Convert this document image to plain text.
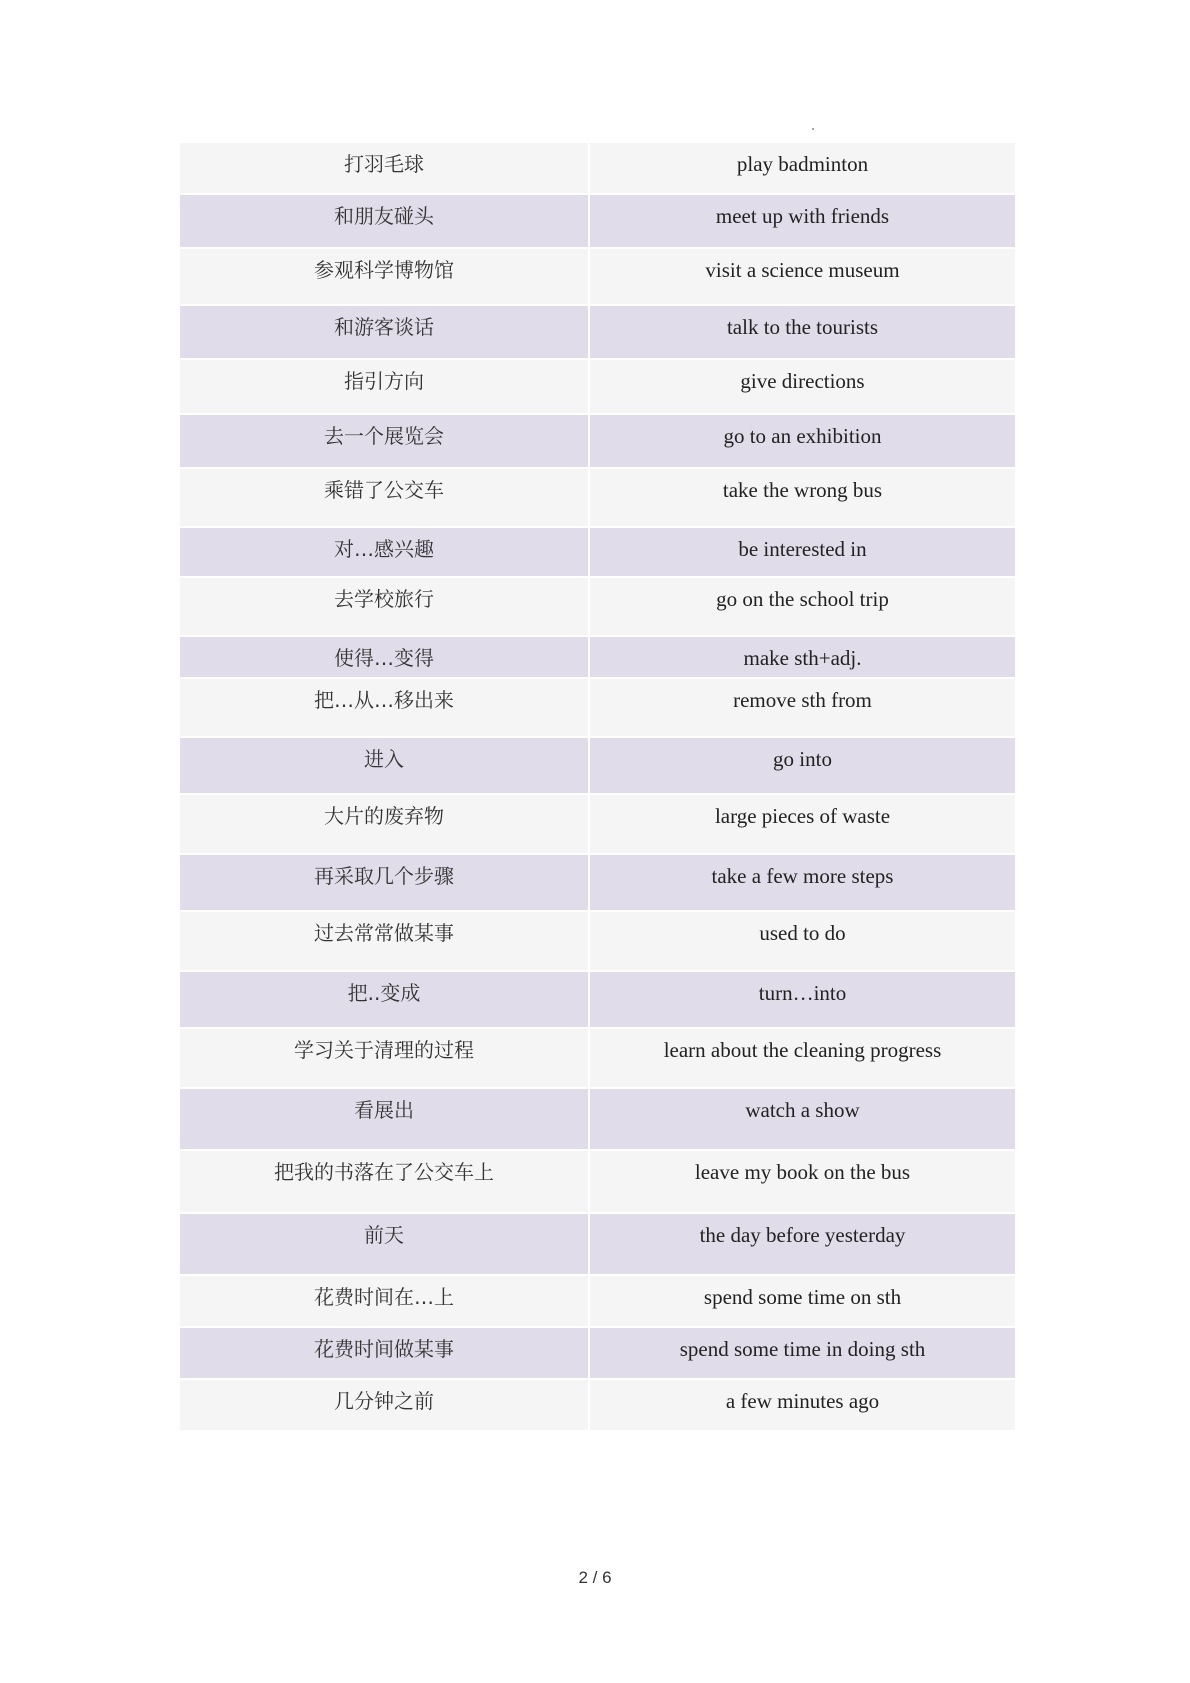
打羽毛球	play badminton
和朋友碰头	meet up with friends
参观科学博物馆	visit a science museum
和游客谈话	talk to the tourists
指引方向	give directions
去一个展览会	go to an exhibition
乘错了公交车	take the wrong bus
对…感兴趣	be interested in
去学校旅行	go on the school trip
使得…变得	make sth+adj.
把…从…移出来	remove sth from
进入	go into
大片的废弃物	large pieces of waste
再采取几个步骤	take a few more steps
过去常常做某事	used to do
把..变成	turn…into
学习关于清理的过程	learn about the cleaning progress
看展出	watch a show
把我的书落在了公交车上	leave my book on the bus
前天	the day before yesterday
花费时间在…上	spend some time on sth
花费时间做某事	spend some time in doing sth
几分钟之前	a few minutes ago
2 / 6
